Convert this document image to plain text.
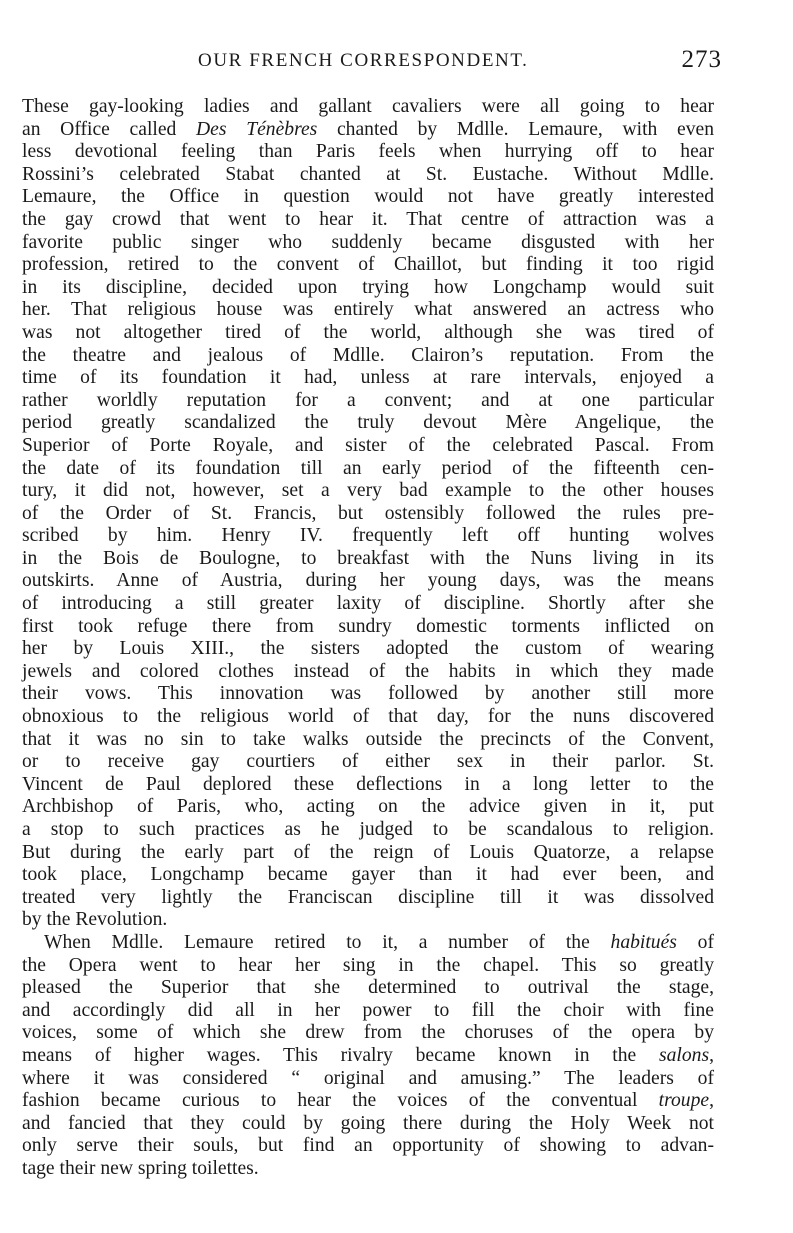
OUR FRENCH CORRESPONDENT.	273
These gay-looking ladies and gallant cavaliers were all going to hear
an Office called Des Ténèbres chanted by Mdlle. Lemaure, with even
less devotional feeling than Paris feels when hurrying off to hear
Rossini’s celebrated Stabat chanted at St. Eustache. Without Mdlle.
Lemaure, the Office in question would not have greatly interested
the gay crowd that went to hear it. That centre of attraction was a
favorite public singer who suddenly became disgusted with her
profession, retired to the convent of Chaillot, but finding it too rigid
in its discipline, decided upon trying how Longchamp would suit
her. That religious house was entirely what answered an actress who
was not altogether tired of the world, although she was tired of
the theatre and jealous of Mdlle. Clairon’s reputation. From the
time of its foundation it had, unless at rare intervals, enjoyed a
rather worldly reputation for a convent; and at one particular
period greatly scandalized the truly devout Mère Angelique, the
Superior of Porte Royale, and sister of the celebrated Pascal. From
the date of its foundation till an early period of the fifteenth cen-
tury, it did not, however, set a very bad example to the other houses
of the Order of St. Francis, but ostensibly followed the rules pre-
scribed by him. Henry IV. frequently left off hunting wolves
in the Bois de Boulogne, to breakfast with the Nuns living in its
outskirts. Anne of Austria, during her young days, was the means
of introducing a still greater laxity of discipline. Shortly after she
first took refuge there from sundry domestic torments inflicted on
her by Louis XIII., the sisters adopted the custom of wearing
jewels and colored clothes instead of the habits in which they made
their vows. This innovation was followed by another still more
obnoxious to the religious world of that day, for the nuns discovered
that it was no sin to take walks outside the precincts of the Convent,
or to receive gay courtiers of either sex in their parlor. St.
Vincent de Paul deplored these deflections in a long letter to the
Archbishop of Paris, who, acting on the advice given in it, put
a stop to such practices as he judged to be scandalous to religion.
But during the early part of the reign of Louis Quatorze, a relapse
took place, Longchamp became gayer than it had ever been, and
treated very lightly the Franciscan discipline till it was dissolved
by the Revolution.
When Mdlle. Lemaure retired to it, a number of the habitués of
the Opera went to hear her sing in the chapel. This so greatly
pleased the Superior that she determined to outrival the stage,
and accordingly did all in her power to fill the choir with fine
voices, some of which she drew from the choruses of the opera by
means of higher wages. This rivalry became known in the salons,
where it was considered “ original and amusing.” The leaders of
fashion became curious to hear the voices of the conventual troupe,
and fancied that they could by going there during the Holy Week not
only serve their souls, but find an opportunity of showing to advan-
tage their new spring toilettes.
